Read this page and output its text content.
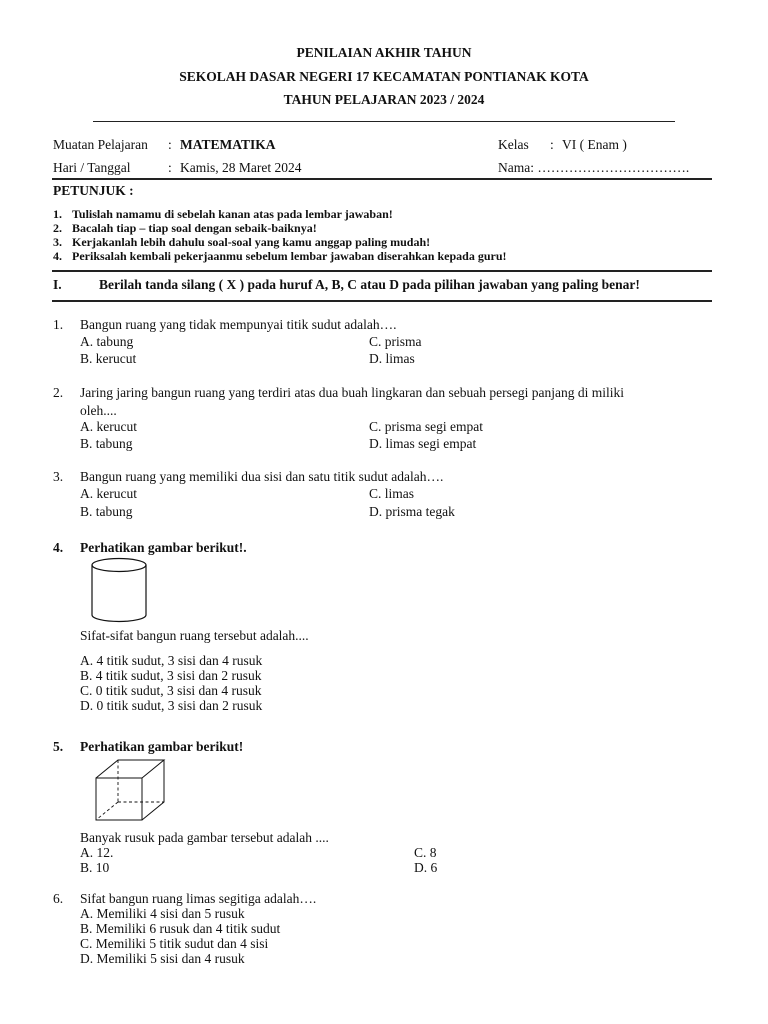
PENILAIAN AKHIR TAHUN
SEKOLAH DASAR NEGERI 17 KECAMATAN PONTIANAK KOTA
TAHUN PELAJARAN 2023 / 2024
Muatan Pelajaran : MATEMATIKA	Kelas : VI ( Enam )
Hari / Tanggal	: Kamis, 28 Maret 2024	Nama: …………………………….
PETUNJUK :
1. Tulislah namamu di sebelah kanan atas pada lembar jawaban!
2. Bacalah tiap – tiap soal dengan sebaik-baiknya!
3. Kerjakanlah lebih dahulu soal-soal yang kamu anggap paling mudah!
4. Periksalah kembali pekerjaanmu sebelum lembar jawaban diserahkan kepada guru!
I.	Berilah tanda silang ( X ) pada huruf A, B, C atau D pada pilihan jawaban yang paling benar!
1. Bangun ruang yang tidak mempunyai titik sudut adalah….
A. tabung
B. kerucut
C. prisma
D. limas
2. Jaring jaring bangun ruang yang terdiri atas dua buah lingkaran dan sebuah persegi panjang di miliki
oleh....
A. kerucut
B. tabung
C. prisma segi empat
D. limas segi empat
3. Bangun ruang yang memiliki dua sisi dan satu titik sudut adalah….
A. kerucut
B. tabung
C. limas
D. prisma tegak
4. Perhatikan gambar berikut!.
Sifat-sifat bangun ruang tersebut adalah....
A. 4 titik sudut, 3 sisi dan 4 rusuk
B. 4 titik sudut, 3 sisi dan 2 rusuk
C. 0 titik sudut, 3 sisi dan 4 rusuk
D. 0 titik sudut, 3 sisi dan 2 rusuk
5. Perhatikan gambar berikut!
Banyak rusuk pada gambar tersebut adalah ....
A. 12.
B. 10
C. 8
D. 6
6. Sifat bangun ruang limas segitiga adalah….
A. Memiliki 4 sisi dan 5 rusuk
B. Memiliki 6 rusuk dan 4 titik sudut
C. Memiliki 5 titik sudut dan 4 sisi
D. Memiliki 5 sisi dan 4 rusuk
